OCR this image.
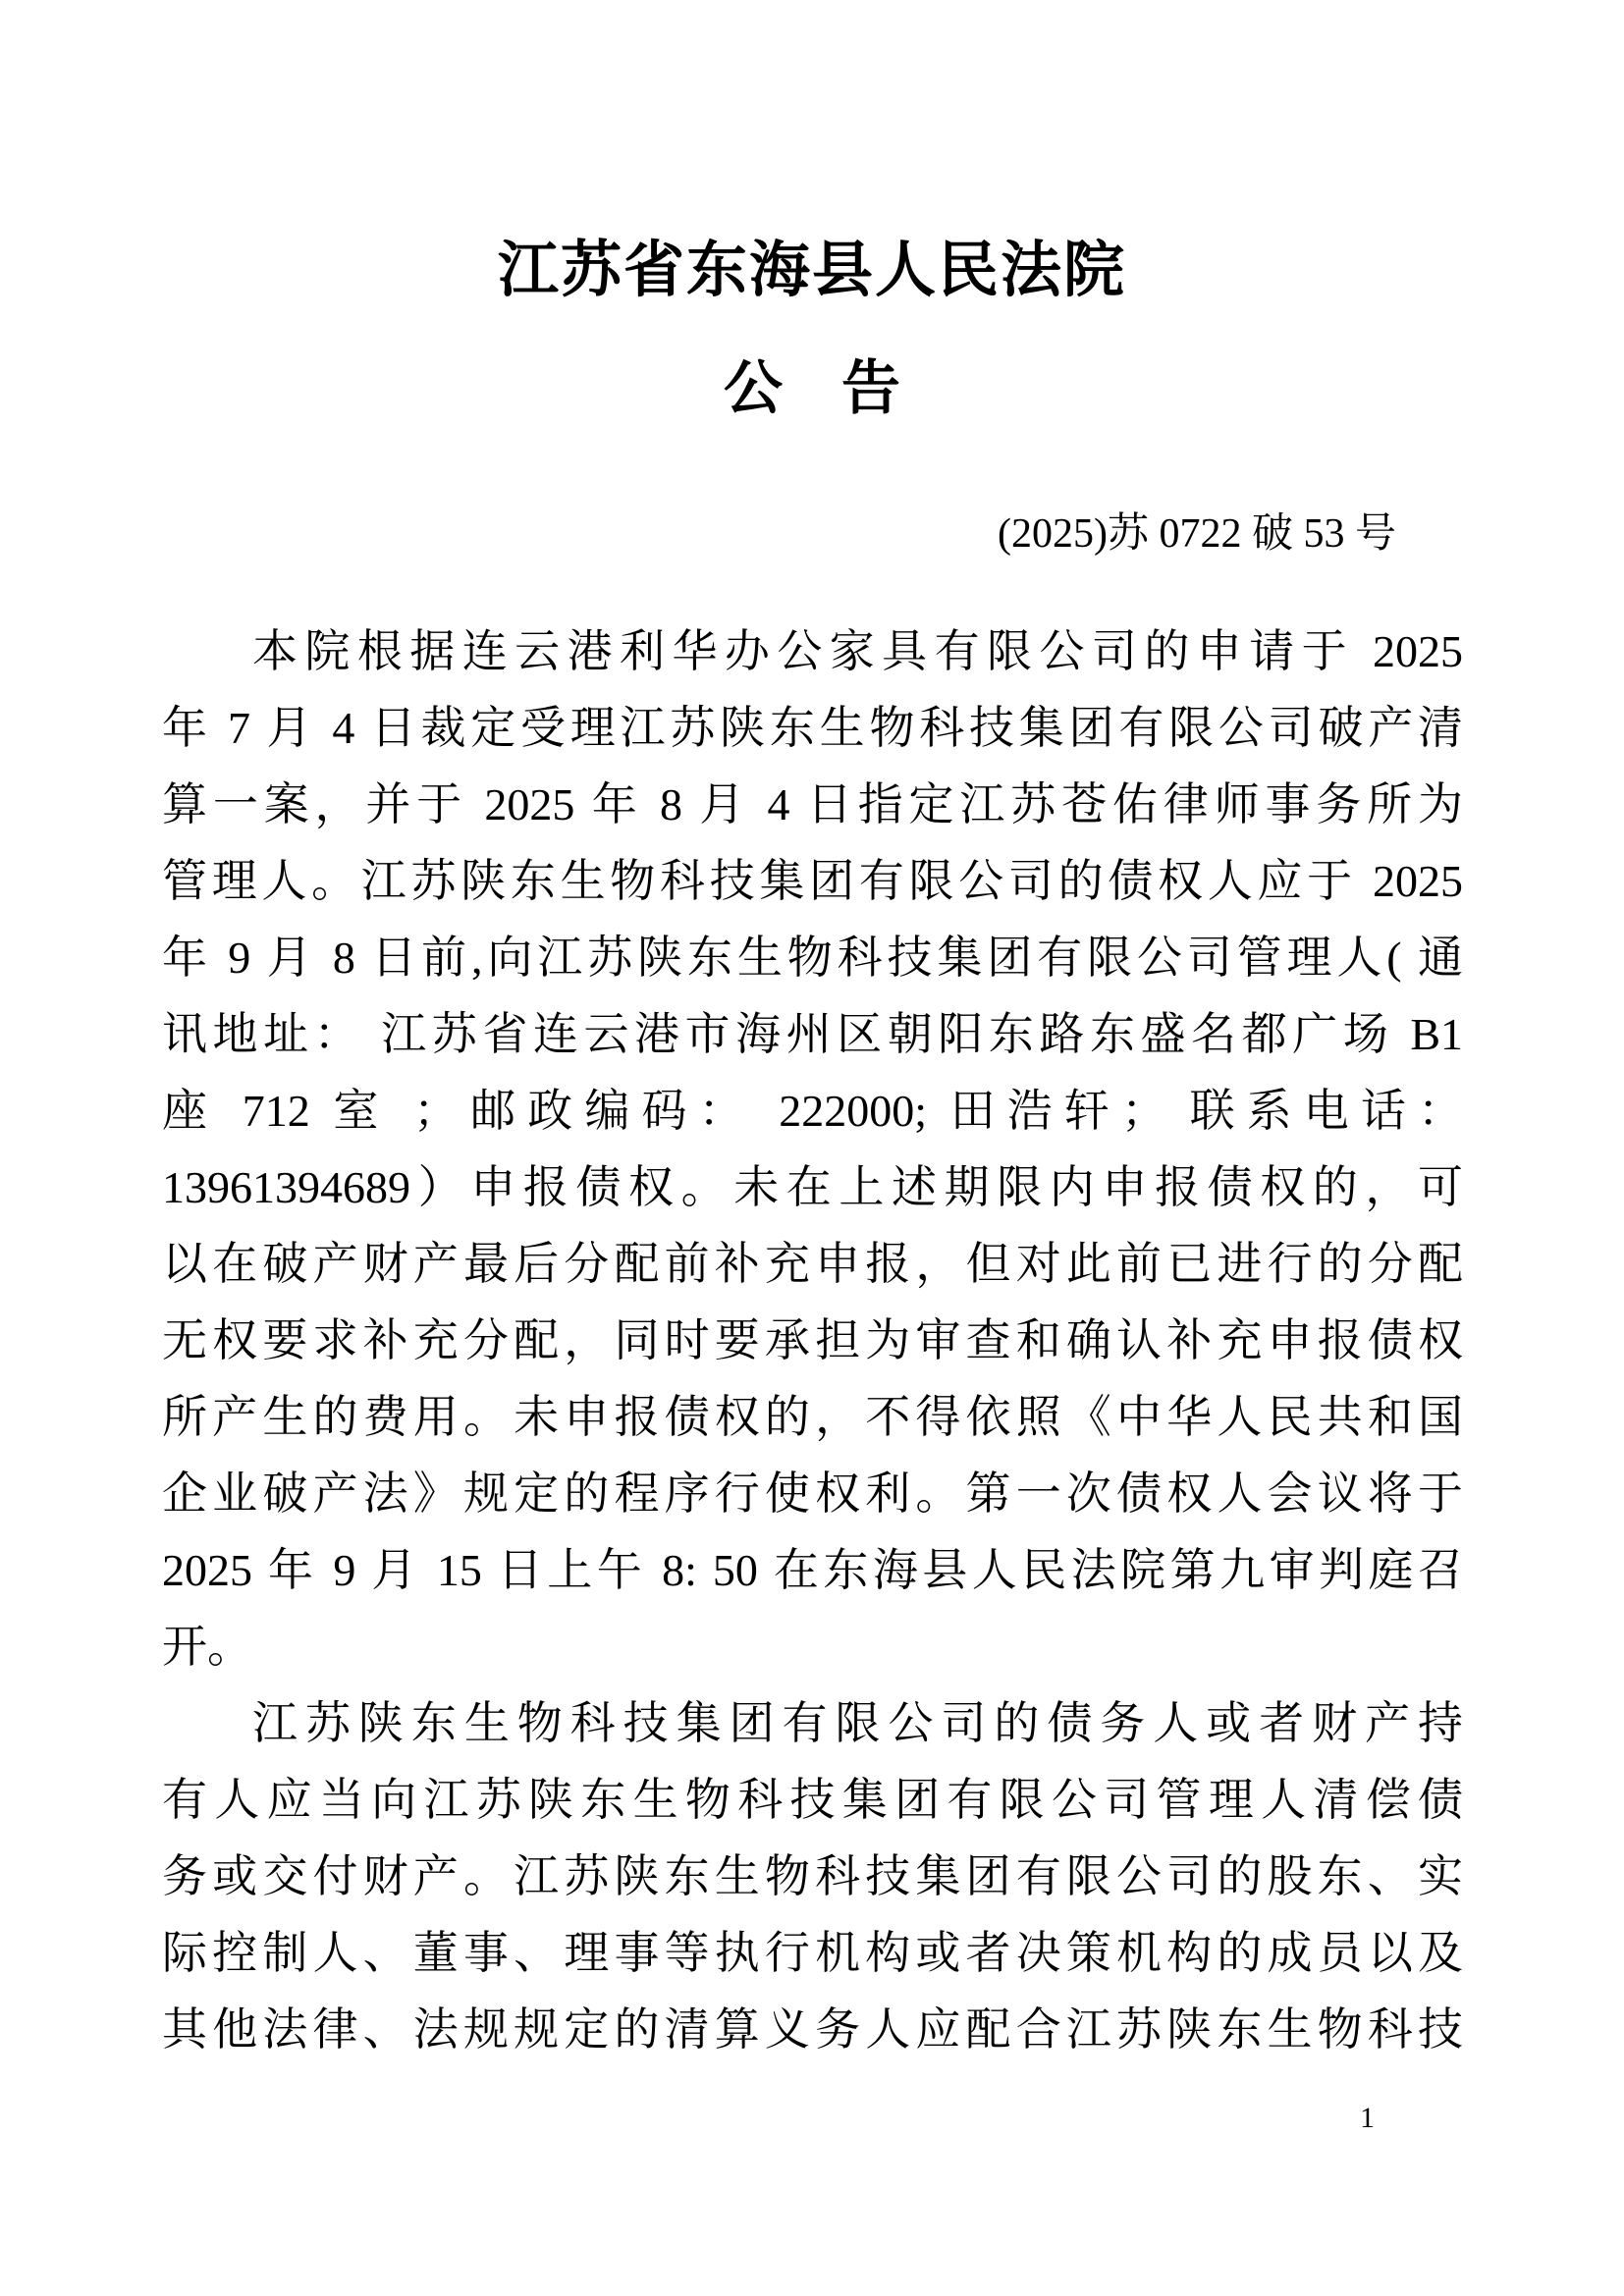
江苏省东海县人民法院
公　告
(2025)苏 0722 破 53 号
本院根据连云港利华办公家具有限公司的申请于 2025
年 7 月 4 日裁定受理江苏陕东生物科技集团有限公司破产清
算一案，并于 2025 年 8 月 4 日指定江苏苍佑律师事务所为
管理人。江苏陕东生物科技集团有限公司的债权人应于 2025
年 9 月 8 日前,向江苏陕东生物科技集团有限公司管理人( 通
讯地址： 江苏省连云港市海州区朝阳东路东盛名都广场 B1
座 712 室 ；邮政编码： 222000; 田浩轩； 联系电话：
13961394689）申报债权。未在上述期限内申报债权的，可
以在破产财产最后分配前补充申报，但对此前已进行的分配
无权要求补充分配，同时要承担为审查和确认补充申报债权
所产生的费用。未申报债权的，不得依照《中华人民共和国
企业破产法》规定的程序行使权利。第一次债权人会议将于
2025 年 9 月 15 日上午 8: 50 在东海县人民法院第九审判庭召
开。
江苏陕东生物科技集团有限公司的债务人或者财产持
有人应当向江苏陕东生物科技集团有限公司管理人清偿债
务或交付财产。江苏陕东生物科技集团有限公司的股东、实
际控制人、董事、理事等执行机构或者决策机构的成员以及
其他法律、法规规定的清算义务人应配合江苏陕东生物科技
1
